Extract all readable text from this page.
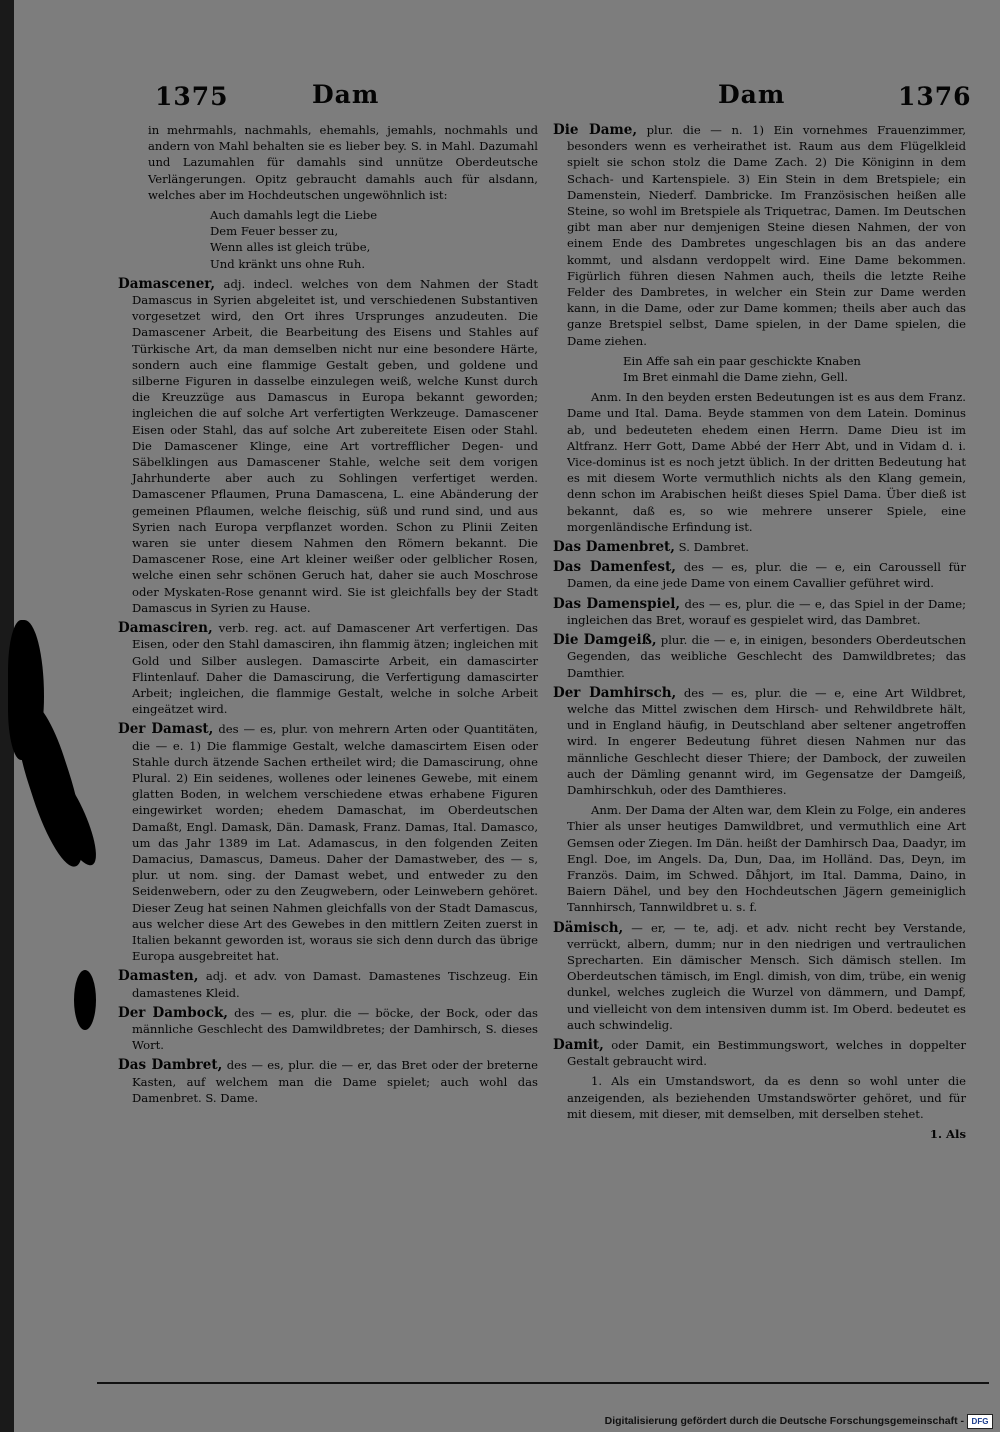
1375	Dam	Dam	1376

in mehrmahls, nachmahls, ehemahls, jemahls, nochmahls und andern von Mahl behalten sie es lieber bey. S. in Mahl. Dazumahl und Lazumahlen für damahls sind unnütze Oberdeutsche Verlängerungen. Opitz gebraucht damahls auch für alsdann, welches aber im Hochdeutschen ungewöhnlich ist:

Auch damahls legt die Liebe
Dem Feuer besser zu,
Wenn alles ist gleich trübe,
Und kränkt uns ohne Ruh.

Damascener, adj. indecl. welches von dem Nahmen der Stadt Damascus in Syrien abgeleitet ist, und verschiedenen Substantiven vorgesetzet wird, den Ort ihres Ursprunges anzudeuten. Die Damascener Arbeit, die Bearbeitung des Eisens und Stahles auf Türkische Art, da man demselben nicht nur eine besondere Härte, sondern auch eine flammige Gestalt geben, und goldene und silberne Figuren in dasselbe einzulegen weiß, welche Kunst durch die Kreuzzüge aus Damascus in Europa bekannt geworden; ingleichen die auf solche Art verfertigten Werkzeuge. Damascener Eisen oder Stahl, das auf solche Art zubereitete Eisen oder Stahl. Die Damascener Klinge, eine Art vortrefflicher Degen- und Säbelklingen aus Damascener Stahle, welche seit dem vorigen Jahrhunderte aber auch zu Sohlingen verfertiget werden. Damascener Pflaumen, Pruna Damascena, L. eine Abänderung der gemeinen Pflaumen, welche fleischig, süß und rund sind, und aus Syrien nach Europa verpflanzet worden. Schon zu Plinii Zeiten waren sie unter diesem Nahmen den Römern bekannt. Die Damascener Rose, eine Art kleiner weißer oder gelblicher Rosen, welche einen sehr schönen Geruch hat, daher sie auch Moschrose oder Myskaten-Rose genannt wird. Sie ist gleichfalls bey der Stadt Damascus in Syrien zu Hause.

Damasciren, verb. reg. act. auf Damascener Art verfertigen. Das Eisen, oder den Stahl damasciren, ihn flammig ätzen; ingleichen mit Gold und Silber auslegen. Damascirte Arbeit, ein damascirter Flintenlauf. Daher die Damascirung, die Verfertigung damascirter Arbeit; ingleichen, die flammige Gestalt, welche in solche Arbeit eingeätzet wird.

Der Damast, des — es, plur. von mehrern Arten oder Quantitäten, die — e. 1) Die flammige Gestalt, welche damascirtem Eisen oder Stahle durch ätzende Sachen ertheilet wird; die Damascirung, ohne Plural. 2) Ein seidenes, wollenes oder leinenes Gewebe, mit einem glatten Boden, in welchem verschiedene etwas erhabene Figuren eingewirket worden; ehedem Damaschat, im Oberdeutschen Damaßt, Engl. Damask, Dän. Damask, Franz. Damas, Ital. Damasco, um das Jahr 1389 im Lat. Adamascus, in den folgenden Zeiten Damacius, Damascus, Dameus. Daher der Damastweber, des — s, plur. ut nom. sing. der Damast webet, und entweder zu den Seidenwebern, oder zu den Zeugwebern, oder Leinwebern gehöret. Dieser Zeug hat seinen Nahmen gleichfalls von der Stadt Damascus, aus welcher diese Art des Gewebes in den mittlern Zeiten zuerst in Italien bekannt geworden ist, woraus sie sich denn durch das übrige Europa ausgebreitet hat.

Damasten, adj. et adv. von Damast. Damastenes Tischzeug. Ein damastenes Kleid.

Der Dambock, des — es, plur. die — böcke, der Bock, oder das männliche Geschlecht des Damwildbretes; der Damhirsch, S. dieses Wort.

Das Dambret, des — es, plur. die — er, das Bret oder der breterne Kasten, auf welchem man die Dame spielet; auch wohl das Damenbret. S. Dame.

Die Dame, plur. die — n. 1) Ein vornehmes Frauenzimmer, besonders wenn es verheirathet ist. Raum aus dem Flügelkleid spielt sie schon stolz die Dame Zach. 2) Die Königinn in dem Schach- und Kartenspiele. 3) Ein Stein in dem Bretspiele; ein Damenstein, Niederf. Dambricke. Im Französischen heißen alle Steine, so wohl im Bretspiele als Triquetrac, Damen. Im Deutschen gibt man aber nur demjenigen Steine diesen Nahmen, der von einem Ende des Dambretes ungeschlagen bis an das andere kommt, und alsdann verdoppelt wird. Eine Dame bekommen. Figürlich führen diesen Nahmen auch, theils die letzte Reihe Felder des Dambretes, in welcher ein Stein zur Dame werden kann, in die Dame, oder zur Dame kommen; theils aber auch das ganze Bretspiel selbst, Dame spielen, in der Dame spielen, die Dame ziehen.

Ein Affe sah ein paar geschickte Knaben
Im Bret einmahl die Dame ziehn, Gell.

Anm. In den beyden ersten Bedeutungen ist es aus dem Franz. Dame und Ital. Dama. Beyde stammen von dem Latein. Dominus ab, und bedeuteten ehedem einen Herrn. Dame Dieu ist im Altfranz. Herr Gott, Dame Abbé der Herr Abt, und in Vidam d. i. Vice-dominus ist es noch jetzt üblich. In der dritten Bedeutung hat es mit diesem Worte vermuthlich nichts als den Klang gemein, denn schon im Arabischen heißt dieses Spiel Dama. Über dieß ist bekannt, daß es, so wie mehrere unserer Spiele, eine morgenländische Erfindung ist.

Das Damenbret, S. Dambret.

Das Damenfest, des — es, plur. die — e, ein Caroussell für Damen, da eine jede Dame von einem Cavallier geführet wird.

Das Damenspiel, des — es, plur. die — e, das Spiel in der Dame; ingleichen das Bret, worauf es gespielet wird, das Dambret.

Die Damgeiß, plur. die — e, in einigen, besonders Oberdeutschen Gegenden, das weibliche Geschlecht des Damwildbretes; das Damthier.

Der Damhirsch, des — es, plur. die — e, eine Art Wildbret, welche das Mittel zwischen dem Hirsch- und Rehwildbrete hält, und in England häufig, in Deutschland aber seltener angetroffen wird. In engerer Bedeutung führet diesen Nahmen nur das männliche Geschlecht dieser Thiere; der Dambock, der zuweilen auch der Dämling genannt wird, im Gegensatze der Damgeiß, Damhirschkuh, oder des Damthieres.

Anm. Der Dama der Alten war, dem Klein zu Folge, ein anderes Thier als unser heutiges Damwildbret, und vermuthlich eine Art Gemsen oder Ziegen. Im Dän. heißt der Damhirsch Daa, Daadyr, im Engl. Doe, im Angels. Da, Dun, Daa, im Holländ. Das, Deyn, im Französ. Daim, im Schwed. Dåhjort, im Ital. Damma, Daino, in Baiern Dähel, und bey den Hochdeutschen Jägern gemeiniglich Tannhirsch, Tannwildbret u. s. f.

Dämisch, — er, — te, adj. et adv. nicht recht bey Verstande, verrückt, albern, dumm; nur in den niedrigen und vertraulichen Sprecharten. Ein dämischer Mensch. Sich dämisch stellen. Im Oberdeutschen tämisch, im Engl. dimish, von dim, trübe, ein wenig dunkel, welches zugleich die Wurzel von dämmern, und Dampf, und vielleicht von dem intensiven dumm ist. Im Oberd. bedeutet es auch schwindelig.

Damit, oder Damit, ein Bestimmungswort, welches in doppelter Gestalt gebraucht wird.

1. Als ein Umstandswort, da es denn so wohl unter die anzeigenden, als beziehenden Umstandswörter gehöret, und für mit diesem, mit dieser, mit demselben, mit derselben stehet.

1. Als
Digitalisierung gefördert durch die Deutsche Forschungsgemeinschaft - DFG
